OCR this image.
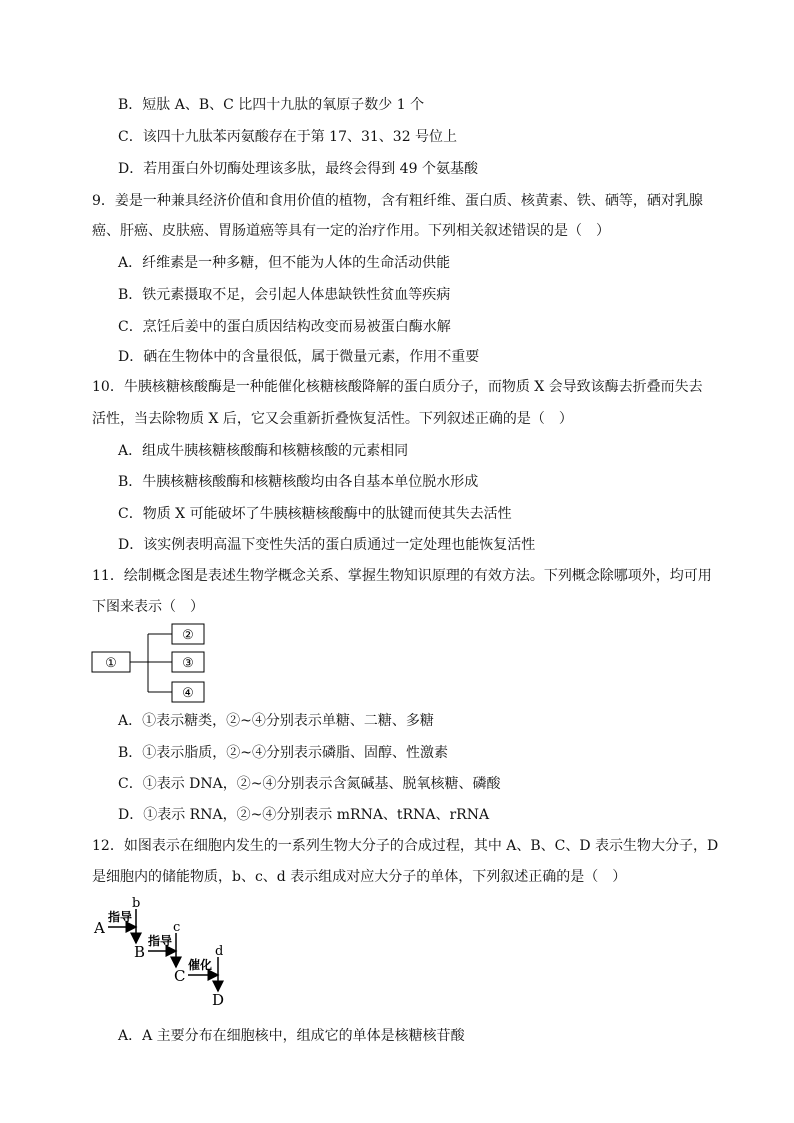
B．短肽 A、B、C 比四十九肽的氧原子数少 1 个
C．该四十九肽苯丙氨酸存在于第 17、31、32 号位上
D．若用蛋白外切酶处理该多肽，最终会得到 49 个氨基酸
9．姜是一种兼具经济价值和食用价值的植物，含有粗纤维、蛋白质、核黄素、铁、硒等，硒对乳腺
癌、肝癌、皮肤癌、胃肠道癌等具有一定的治疗作用。下列相关叙述错误的是（　）
A．纤维素是一种多糖，但不能为人体的生命活动供能
B．铁元素摄取不足，会引起人体患缺铁性贫血等疾病
C．烹饪后姜中的蛋白质因结构改变而易被蛋白酶水解
D．硒在生物体中的含量很低，属于微量元素，作用不重要
10．牛胰核糖核酸酶是一种能催化核糖核酸降解的蛋白质分子，而物质 X 会导致该酶去折叠而失去
活性，当去除物质 X 后，它又会重新折叠恢复活性。下列叙述正确的是（　）
A．组成牛胰核糖核酸酶和核糖核酸的元素相同
B．牛胰核糖核酸酶和核糖核酸均由各自基本单位脱水形成
C．物质 X 可能破坏了牛胰核糖核酸酶中的肽键而使其失去活性
D．该实例表明高温下变性失活的蛋白质通过一定处理也能恢复活性
11．绘制概念图是表述生物学概念关系、掌握生物知识原理的有效方法。下列概念除哪项外，均可用
下图来表示（　）
①
②
③
④
A．①表示糖类，②~④分别表示单糖、二糖、多糖
B．①表示脂质，②~④分别表示磷脂、固醇、性激素
C．①表示 DNA，②~④分别表示含氮碱基、脱氧核糖、磷酸
D．①表示 RNA，②~④分别表示 mRNA、tRNA、rRNA
12．如图表示在细胞内发生的一系列生物大分子的合成过程，其中 A、B、C、D 表示生物大分子，D
是细胞内的储能物质，b、c、d 表示组成对应大分子的单体，下列叙述正确的是（　）
A
指导
b
B
指导
c
C
催化
d
D
A．A 主要分布在细胞核中，组成它的单体是核糖核苷酸
